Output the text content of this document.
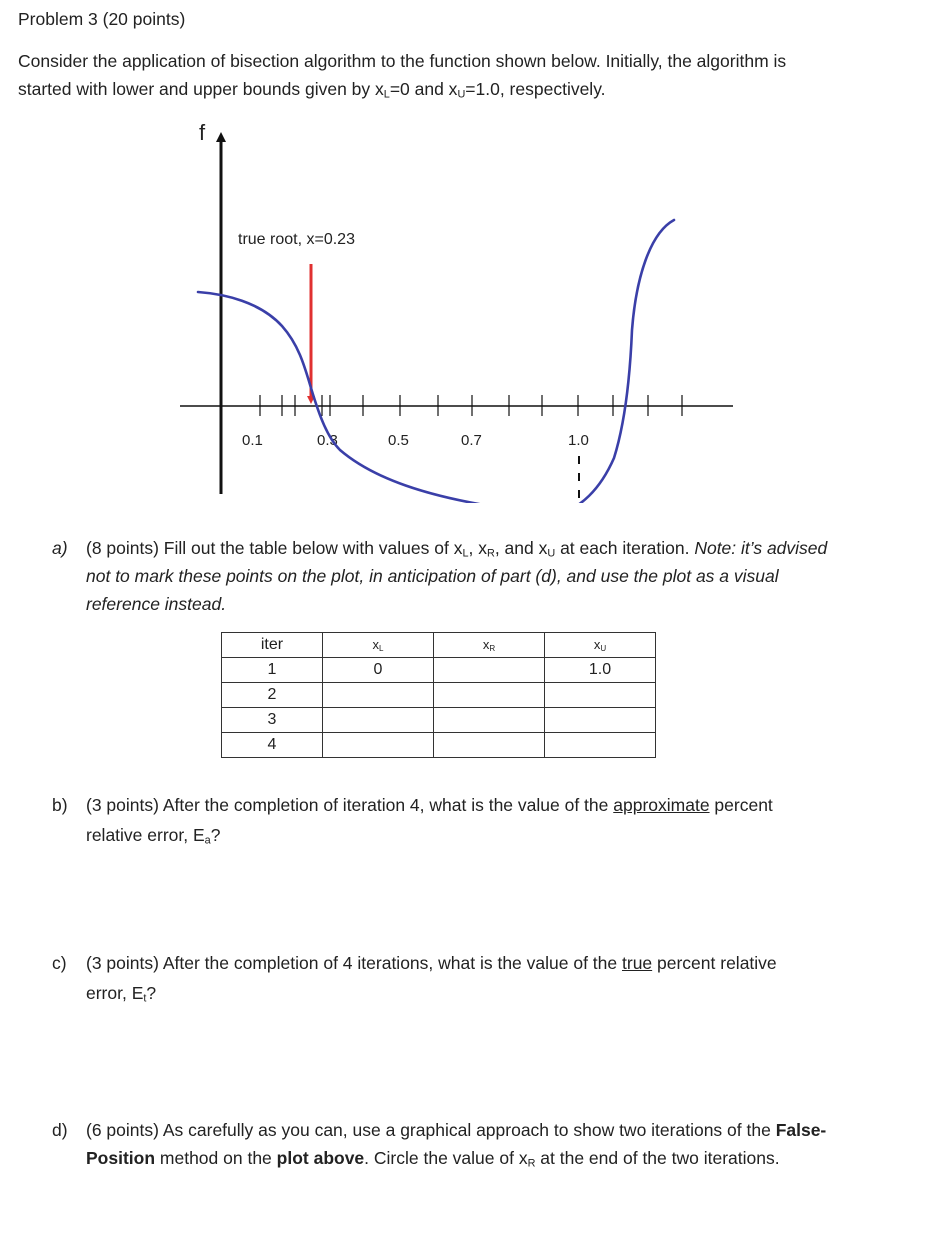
Problem 3 (20 points)
Consider the application of bisection algorithm to the function shown below. Initially, the algorithm is
started with lower and upper bounds given by $x_L=0$ and $x_U=1.0$, respectively.
f
0.1	0.3	0.5	0.7	1.0
true root, x=0.23
a) (8 points) Fill out the table below with values of $x_L$, $x_R$, and $x_U$ at each iteration. Note: it’s advised
not to mark these points on the plot, in anticipation of part (d), and use the plot as a visual
reference instead.
iter	$x_L$	$x_R$	$x_U$
1	0		1.0
2			
3			
4			
b) (3 points) After the completion of iteration 4, what is the value of the approximate percent
relative error, $E_a$?
c) (3 points) After the completion of 4 iterations, what is the value of the true percent relative
error, $E_t$?
d) (6 points) As carefully as you can, use a graphical approach to show two iterations of the False-
Position method on the plot above. Circle the value of $x_R$ at the end of the two iterations.
